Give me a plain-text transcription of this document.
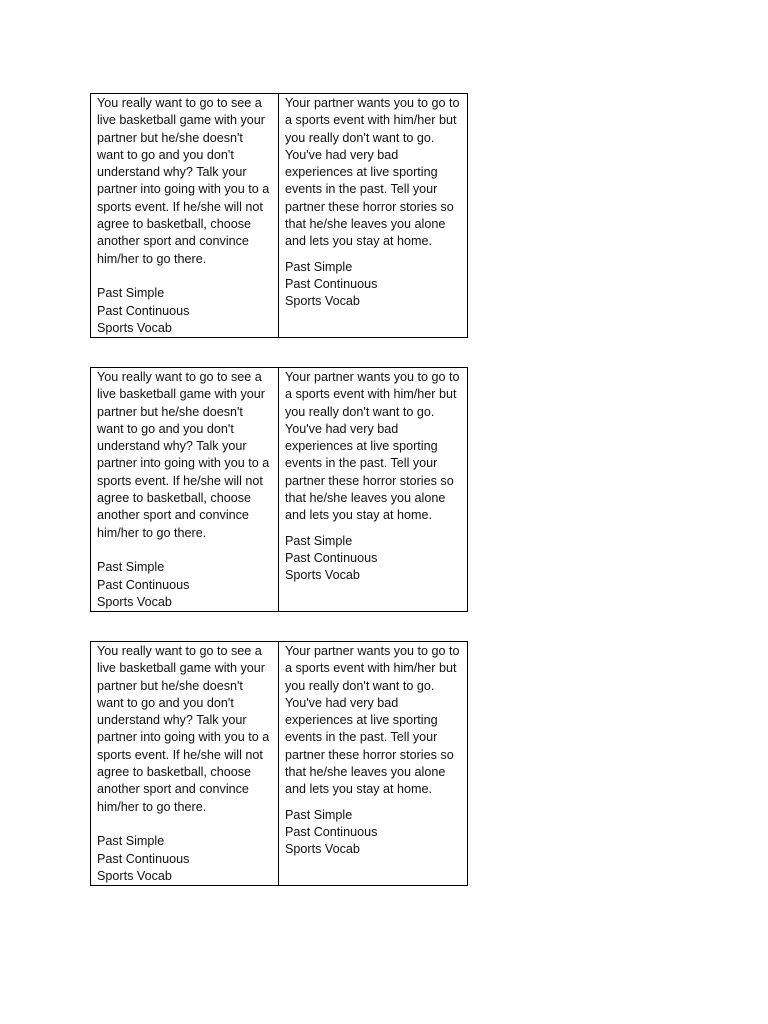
You really want to go to see a live basketball game with your partner but he/she doesn't want to go and you don't understand why? Talk your partner into going with you to a sports event. If he/she will not agree to basketball, choose another sport and convince him/her to go there.

Past Simple
Past Continuous
Sports Vocab

Your partner wants you to go to a sports event with him/her but you really don't want to go. You've had very bad experiences at live sporting events in the past. Tell your partner these horror stories so that he/she leaves you alone and lets you stay at home.

Past Simple
Past Continuous
Sports Vocab

You really want to go to see a live basketball game with your partner but he/she doesn't want to go and you don't understand why? Talk your partner into going with you to a sports event. If he/she will not agree to basketball, choose another sport and convince him/her to go there.

Past Simple
Past Continuous
Sports Vocab

Your partner wants you to go to a sports event with him/her but you really don't want to go. You've had very bad experiences at live sporting events in the past. Tell your partner these horror stories so that he/she leaves you alone and lets you stay at home.

Past Simple
Past Continuous
Sports Vocab

You really want to go to see a live basketball game with your partner but he/she doesn't want to go and you don't understand why? Talk your partner into going with you to a sports event. If he/she will not agree to basketball, choose another sport and convince him/her to go there.

Past Simple
Past Continuous
Sports Vocab

Your partner wants you to go to a sports event with him/her but you really don't want to go. You've had very bad experiences at live sporting events in the past. Tell your partner these horror stories so that he/she leaves you alone and lets you stay at home.

Past Simple
Past Continuous
Sports Vocab
